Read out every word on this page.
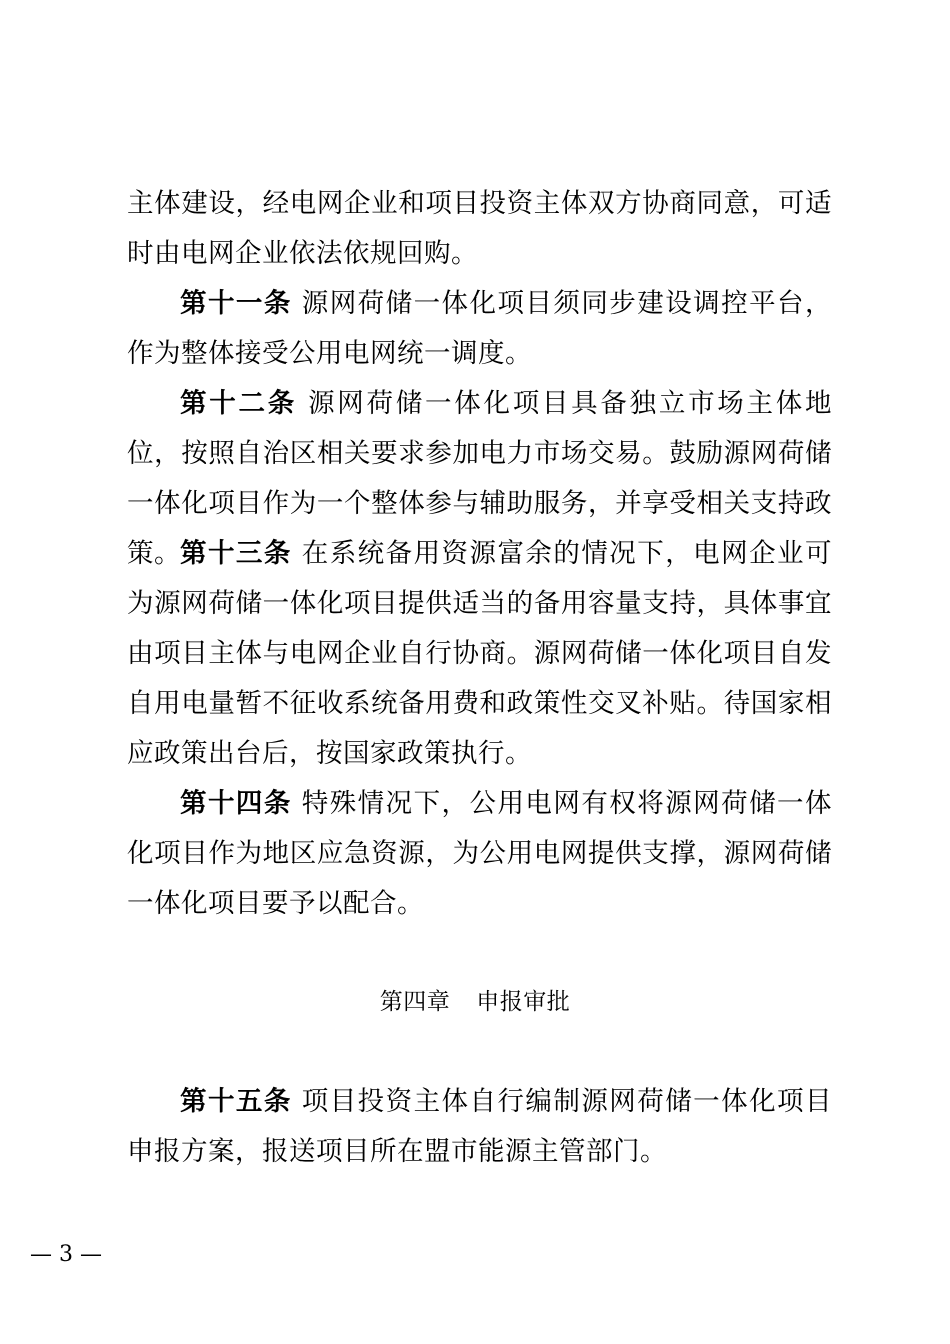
主体建设，经电网企业和项目投资主体双方协商同意，可适时由电网企业依法依规回购。

第十一条 源网荷储一体化项目须同步建设调控平台，作为整体接受公用电网统一调度。

第十二条 源网荷储一体化项目具备独立市场主体地位，按照自治区相关要求参加电力市场交易。鼓励源网荷储一体化项目作为一个整体参与辅助服务，并享受相关支持政策。 第十三条 在系统备用资源富余的情况下，电网企业可为源网荷储一体化项目提供适当的备用容量支持，具体事宜由项目主体与电网企业自行协商。源网荷储一体化项目自发自用电量暂不征收系统备用费和政策性交叉补贴。待国家相应政策出台后，按国家政策执行。

第十四条 特殊情况下，公用电网有权将源网荷储一体化项目作为地区应急资源，为公用电网提供支撑，源网荷储一体化项目要予以配合。

第四章 申报审批

第十五条 项目投资主体自行编制源网荷储一体化项目申报方案，报送项目所在盟市能源主管部门。

— 3 —
